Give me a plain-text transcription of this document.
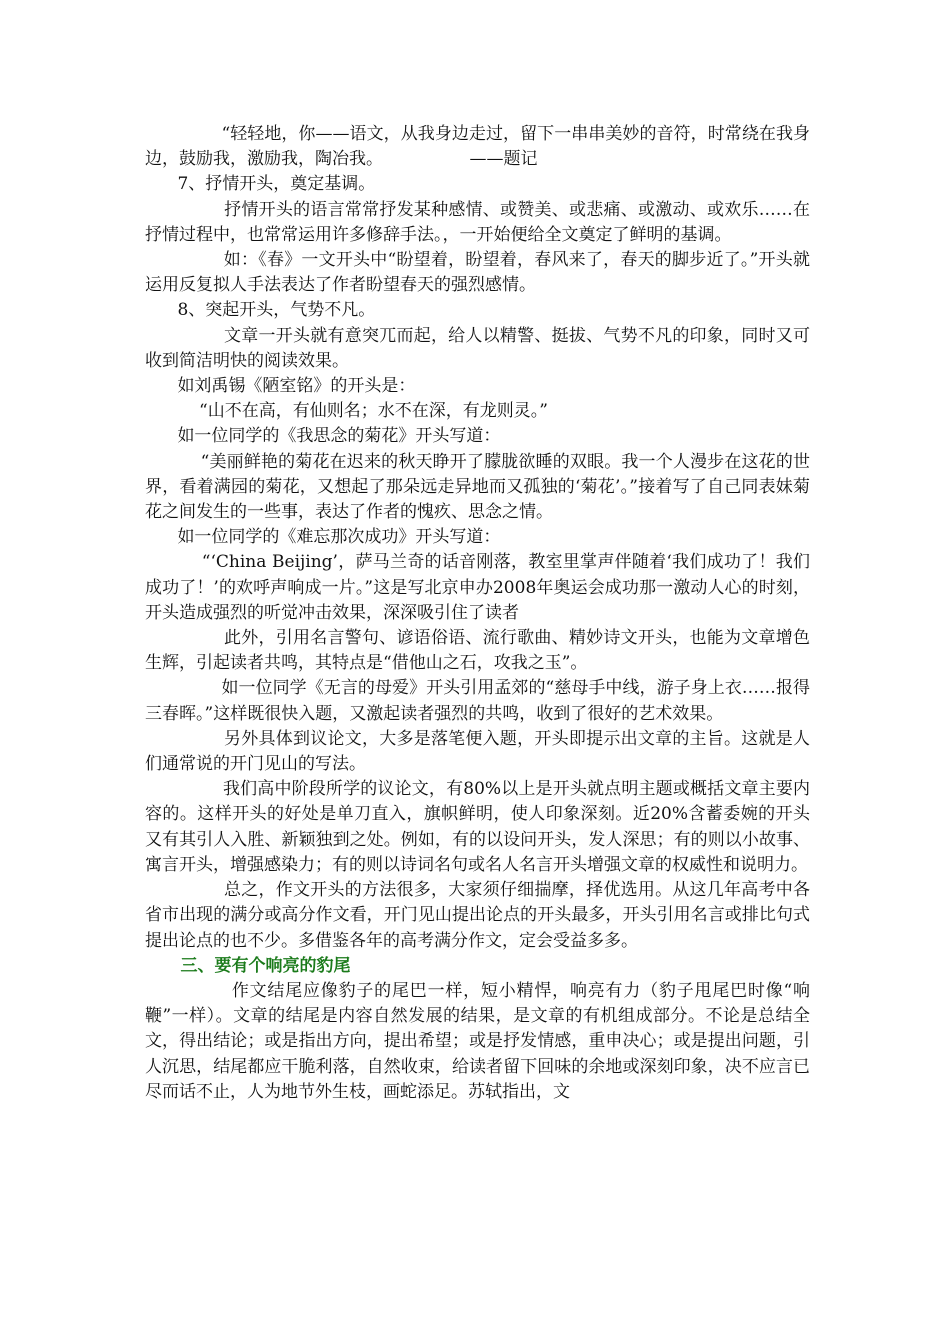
“轻轻地，你——语文，从我身边走过，留下一串串美妙的音符，时常绕在我身边，鼓励我，激励我，陶冶我。                ——题记

7、抒情开头，奠定基调。

抒情开头的语言常常抒发某种感情、或赞美、或悲痛、或激动、或欢乐……在抒情过程中，也常常运用许多修辞手法。，一开始便给全文奠定了鲜明的基调。

如：《春》一文开头中“盼望着，盼望着，春风来了，春天的脚步近了。”开头就运用反复拟人手法表达了作者盼望春天的强烈感情。

8、突起开头，气势不凡。

文章一开头就有意突兀而起，给人以精警、挺拔、气势不凡的印象，同时又可收到简洁明快的阅读效果。

如刘禹锡《陋室铭》的开头是：

“山不在高，有仙则名；水不在深，有龙则灵。”

如一位同学的《我思念的菊花》开头写道：

“美丽鲜艳的菊花在迟来的秋天睁开了朦胧欲睡的双眼。我一个人漫步在这花的世界，看着满园的菊花，又想起了那朵远走异地而又孤独的‘菊花’。”接着写了自己同表妹菊        花之间发生的一些事，表达了作者的愧疚、思念之情。

如一位同学的《难忘那次成功》开头写道：

“‘China Beijing’，萨马兰奇的话音刚落，教室里掌声伴随着‘我们成功了！我们成功了！’的欢呼声响成一片。”这是写北京申办2008年奥运会成功那一激动人心的时刻，开头造成强烈的听觉冲击效果，深深吸引住了读者

此外，引用名言警句、谚语俗语、流行歌曲、精妙诗文开头，也能为文章增色生辉，引起读者共鸣，其特点是“借他山之石，攻我之玉”。

如一位同学《无言的母爱》开头引用孟郊的“慈母手中线，游子身上衣……报得三春晖。”这样既很快入题，又激起读者强烈的共鸣，收到了很好的艺术效果。

另外具体到议论文，大多是落笔便入题，开头即提示出文章的主旨。这就是人们通常说的开门见山的写法。

我们高中阶段所学的议论文，有80%以上是开头就点明主题或概括文章主要内容的。这样开头的好处是单刀直入，旗帜鲜明，使人印象深刻。近20%含蓄委婉的开头又有其引人入胜、新颖独到之处。例如，有的以设问开头，发人深思；有的则以小故事、寓言开头，增强感染力；有的则以诗词名句或名人名言开头增强文章的权威性和说明力。

总之，作文开头的方法很多，大家须仔细揣摩，择优选用。从这几年高考中各省市出现的满分或高分作文看，开门见山提出论点的开头最多，开头引用名言或排比句式提出论点的也不少。多借鉴各年的高考满分作文，定会受益多多。

三、要有个响亮的豹尾

作文结尾应像豹子的尾巴一样，短小精悍，响亮有力（豹子甩尾巴时像“响鞭”一样）。文章的结尾是内容自然发展的结果，是文章的有机组成部分。不论是总结全文，得出结论；或是指出方向，提出希望；或是抒发情感，重申决心；或是提出问题，引人沉思，结尾都应干脆利落，自然收束，给读者留下回味的余地或深刻印象，决不应言已尽而话不止，人为地节外生枝，画蛇添足。苏轼指出，文
